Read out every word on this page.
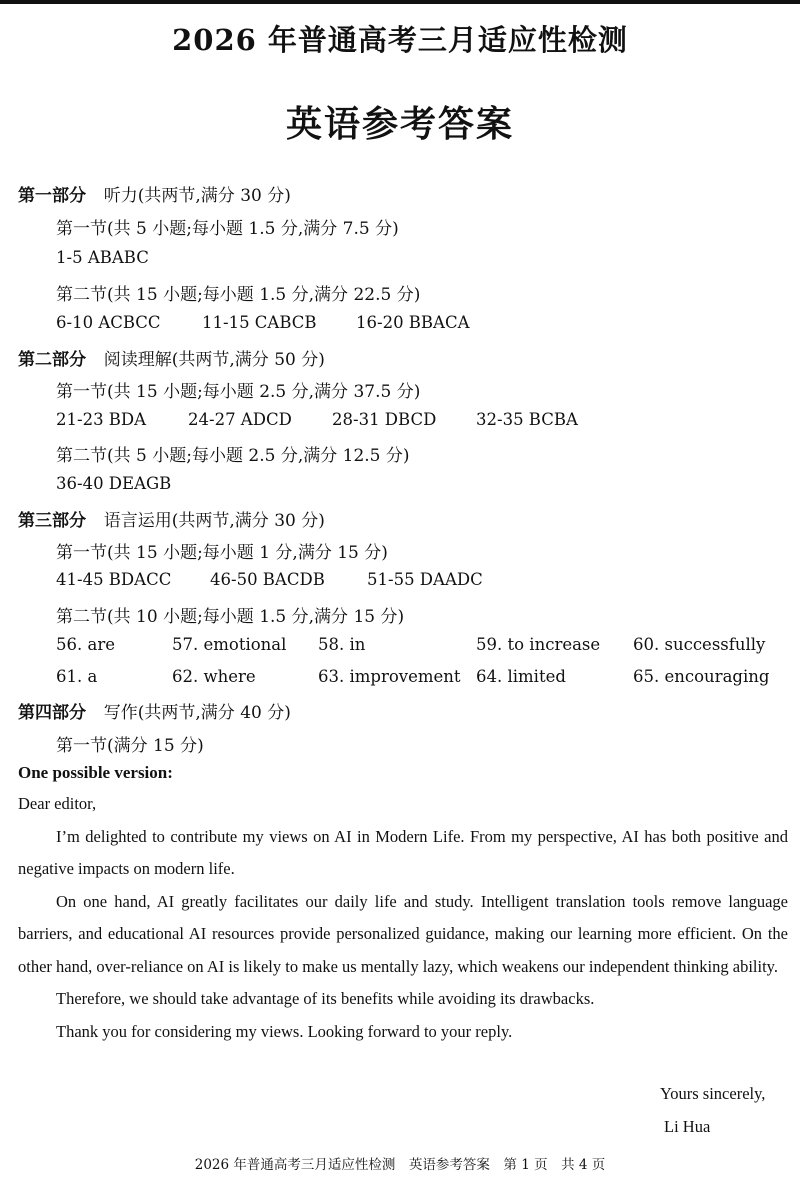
2026 年普通高考三月适应性检测
英语参考答案
第一部分 听力(共两节,满分 30 分)
第一节(共 5 小题;每小题 1.5 分,满分 7.5 分)
1-5 ABABC
第二节(共 15 小题;每小题 1.5 分,满分 22.5 分)
6-10 ACBCC	11-15 CABCB 16-20 BBACA
第二部分 阅读理解(共两节,满分 50 分)
第一节(共 15 小题;每小题 2.5 分,满分 37.5 分)
21-23 BDA	24-27 ADCD 28-31 DBCD 32-35 BCBA
第二节(共 5 小题;每小题 2.5 分,满分 12.5 分)
36-40 DEAGB
第三部分 语言运用(共两节,满分 30 分)
第一节(共 15 小题;每小题 1 分,满分 15 分)
41-45 BDACC 46-50 BACDB	51-55 DAADC
第二节(共 10 小题;每小题 1.5 分,满分 15 分)
56. are	57. emotional 58. in	59. to increase 60. successfully
61. a	62. where	63. improvement 64. limited	65. encouraging
第四部分 写作(共两节,满分 40 分)
第一节(满分 15 分)
One possible version:

Dear editor,

I’m delighted to contribute my views on AI in Modern Life. From my perspective, AI has both positive and negative impacts on modern life.

On one hand, AI greatly facilitates our daily life and study. Intelligent translation tools remove language barriers, and educational AI resources provide personalized guidance, making our learning more efficient. On the other hand, over-reliance on AI is likely to make us mentally lazy, which weakens our independent thinking ability.

Therefore, we should take advantage of its benefits while avoiding its drawbacks.

Thank you for considering my views. Looking forward to your reply.

Yours sincerely,
Li Hua
2026 年普通高考三月适应性检测　英语参考答案　第 1 页　共 4 页
